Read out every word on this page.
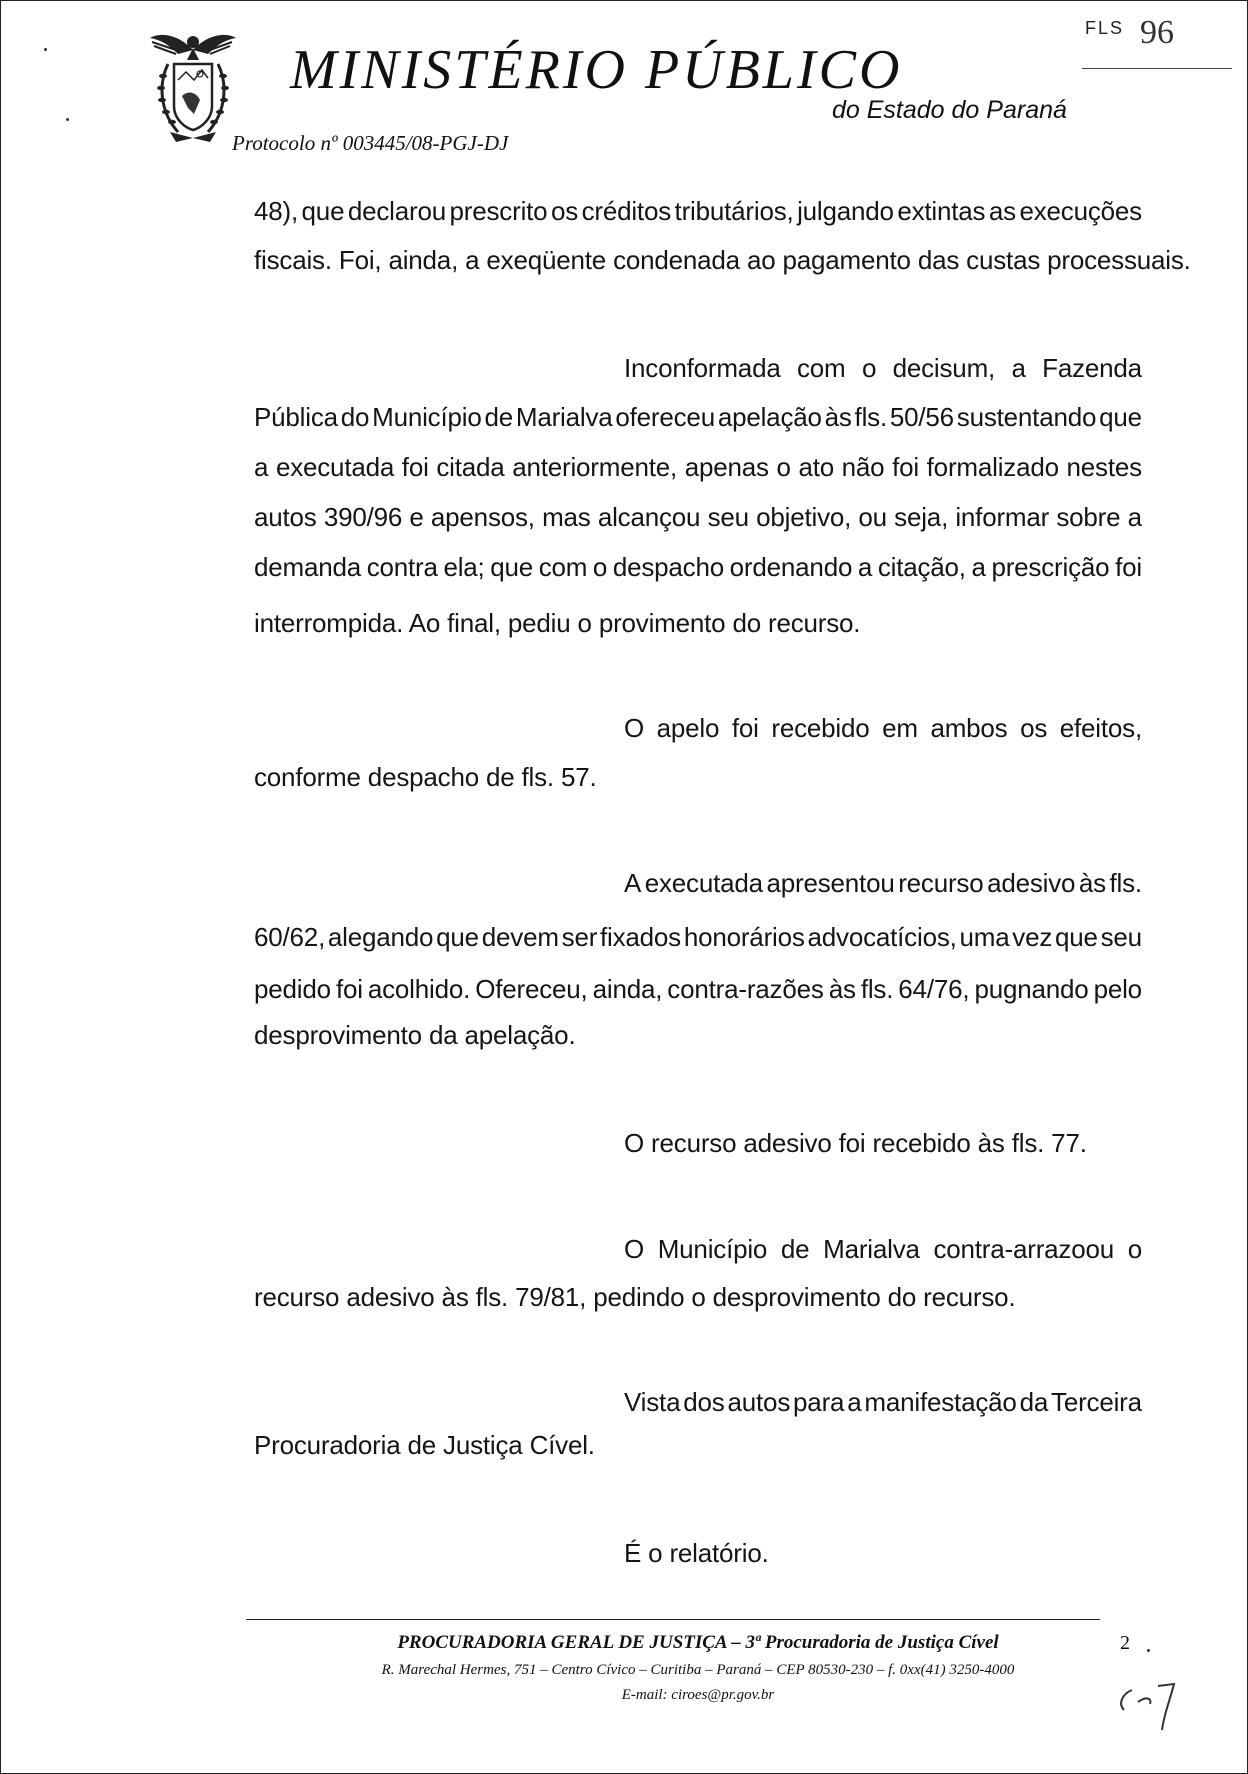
MINISTÉRIO PÚBLICO
do Estado do Paraná
Protocolo nº 003445/08-PGJ-DJ
FLS 96
48), que declarou prescrito os créditos tributários, julgando extintas as execuções
fiscais. Foi, ainda, a exeqüente condenada ao pagamento das custas processuais.
Inconformada com o decisum, a Fazenda
Pública do Município de Marialva ofereceu apelação às fls. 50/56 sustentando que
a executada foi citada anteriormente, apenas o ato não foi formalizado nestes
autos 390/96 e apensos, mas alcançou seu objetivo, ou seja, informar sobre a
demanda contra ela; que com o despacho ordenando a citação, a prescrição foi
interrompida. Ao final, pediu o provimento do recurso.
O apelo foi recebido em ambos os efeitos,
conforme despacho de fls. 57.
A executada apresentou recurso adesivo às fls.
60/62, alegando que devem ser fixados honorários advocatícios, uma vez que seu
pedido foi acolhido. Ofereceu, ainda, contra-razões às fls. 64/76, pugnando pelo
desprovimento da apelação.
O recurso adesivo foi recebido às fls. 77.
O Município de Marialva contra-arrazoou o
recurso adesivo às fls. 79/81, pedindo o desprovimento do recurso.
Vista dos autos para a manifestação da Terceira
Procuradoria de Justiça Cível.
É o relatório.
PROCURADORIA GERAL DE JUSTIÇA – 3ª Procuradoria de Justiça Cível
R. Marechal Hermes, 751 – Centro Cívico – Curitiba – Paraná – CEP 80530-230 – f. 0xx(41) 3250-4000
E-mail: ciroes@pr.gov.br
2
